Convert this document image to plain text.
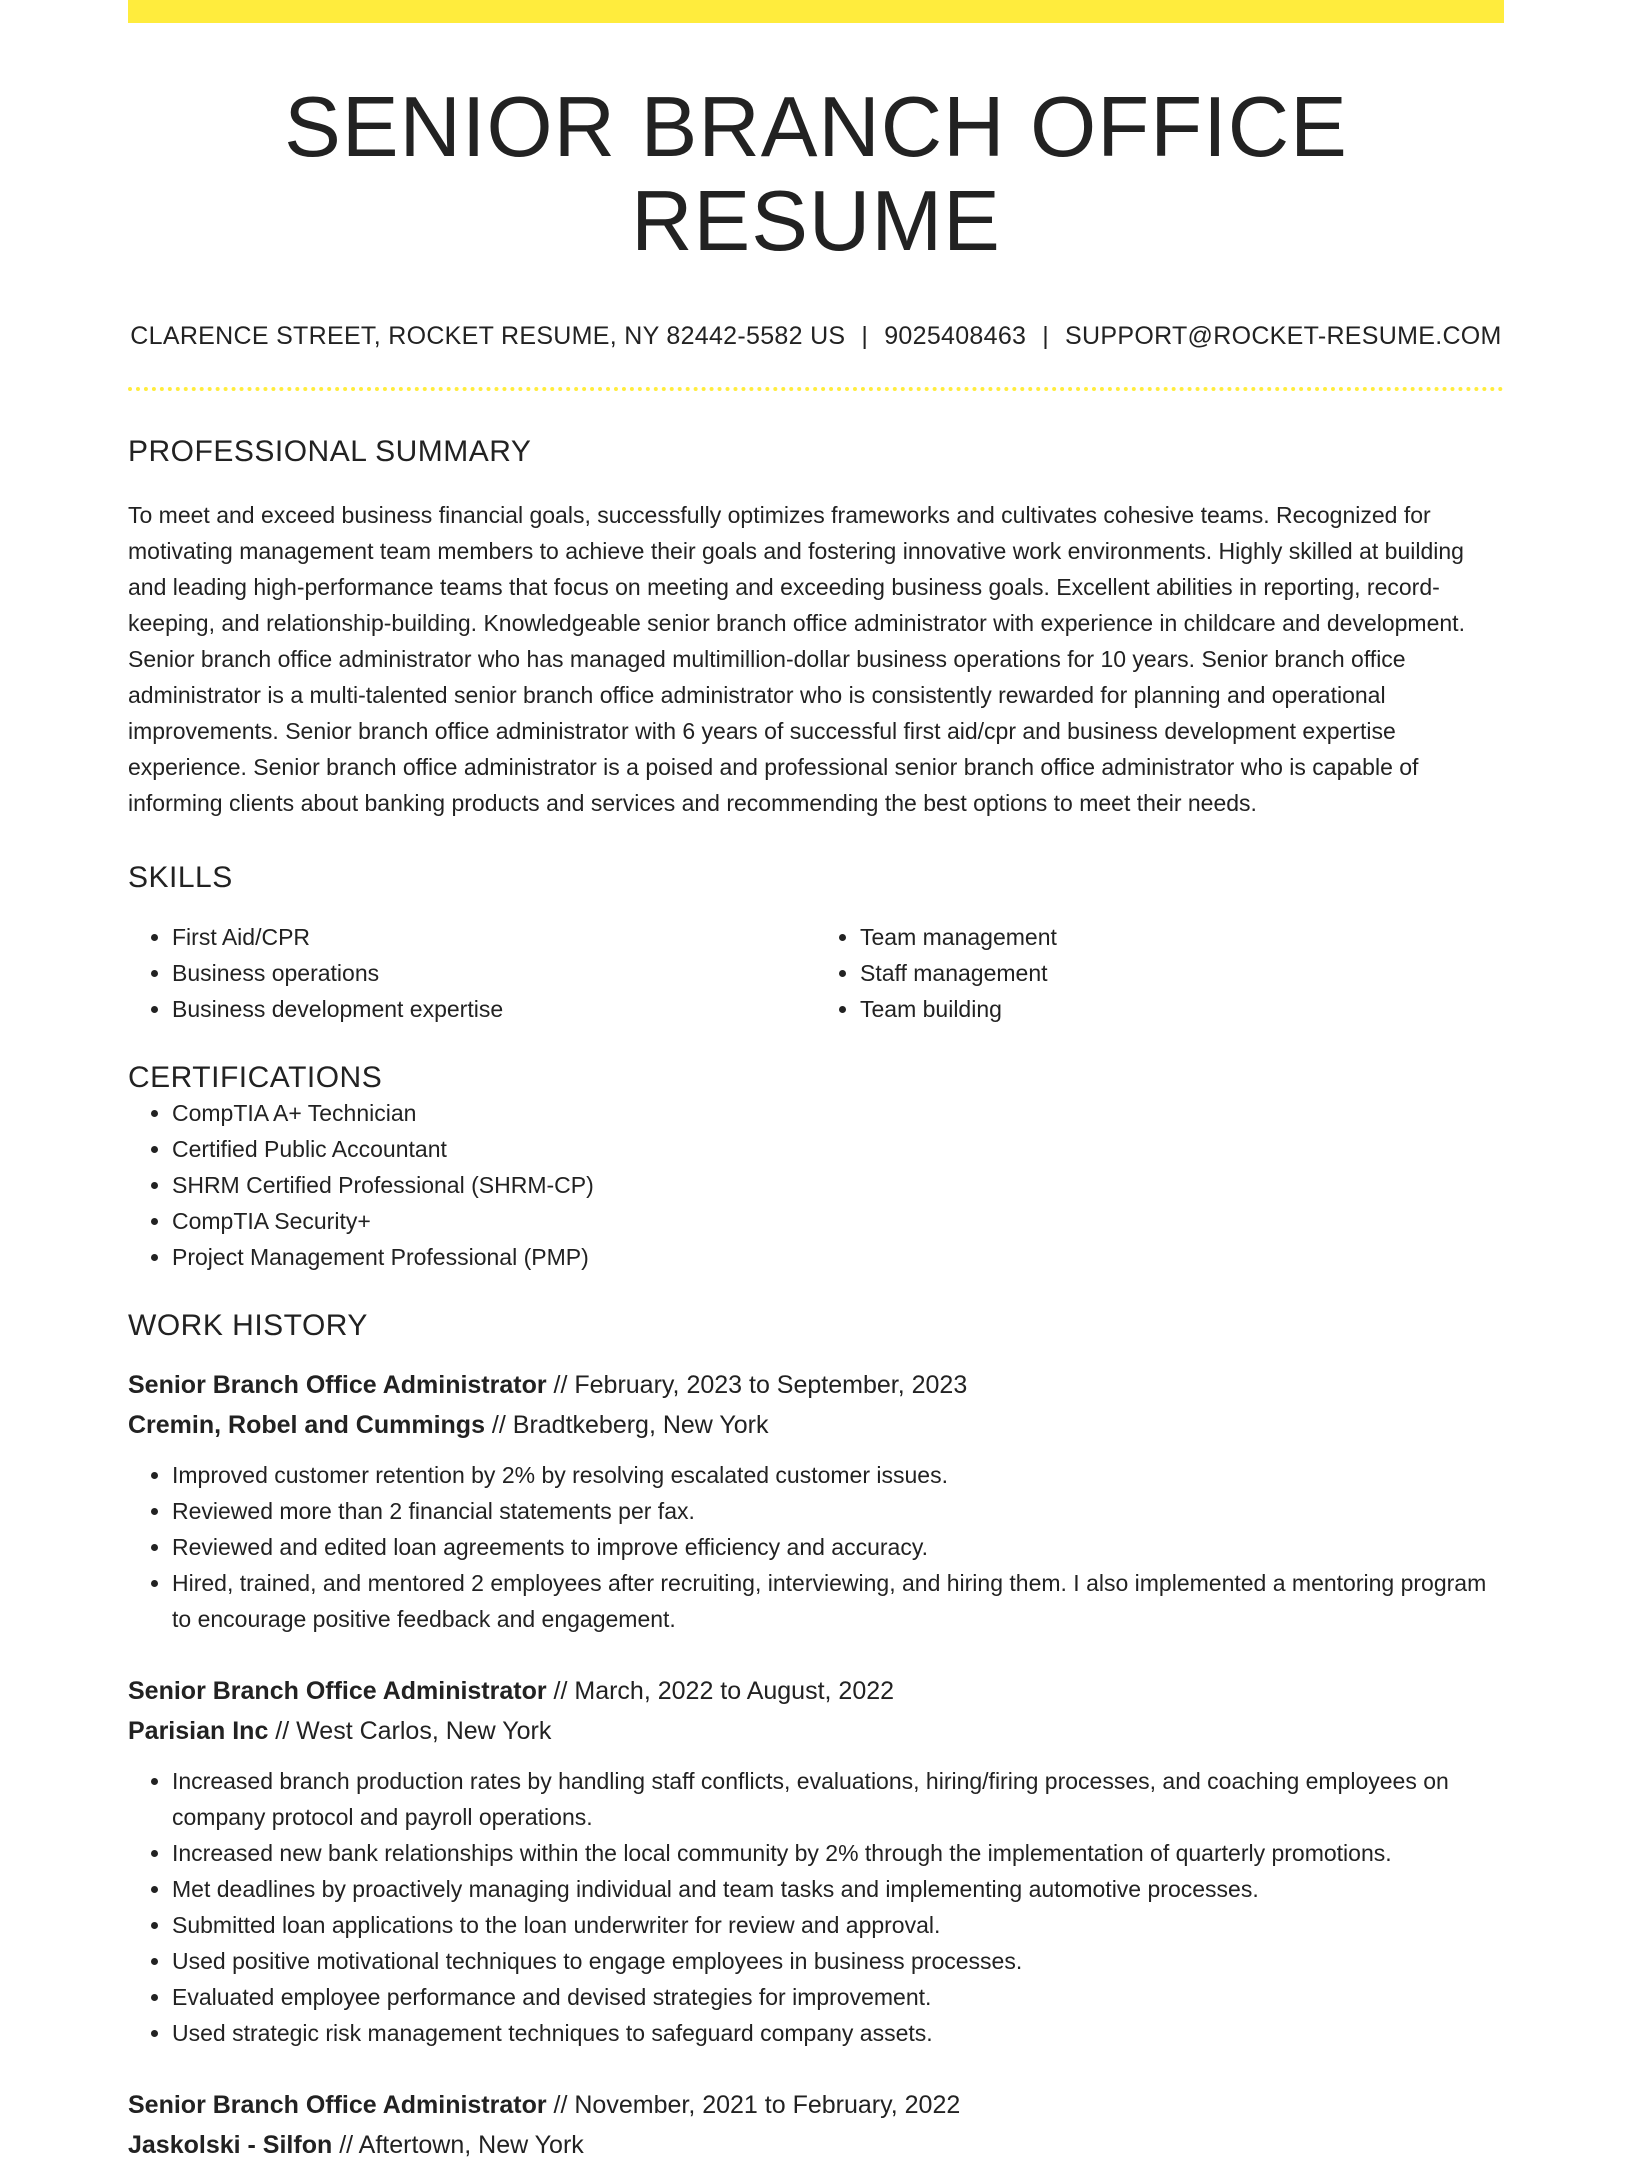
SENIOR BRANCH OFFICE RESUME
CLARENCE STREET, ROCKET RESUME, NY 82442-5582 US | 9025408463 | SUPPORT@ROCKET-RESUME.COM
PROFESSIONAL SUMMARY

To meet and exceed business financial goals, successfully optimizes frameworks and cultivates cohesive teams. Recognized for motivating management team members to achieve their goals and fostering innovative work environments. Highly skilled at building and leading high-performance teams that focus on meeting and exceeding business goals. Excellent abilities in reporting, record-keeping, and relationship-building. Knowledgeable senior branch office administrator with experience in childcare and development. Senior branch office administrator who has managed multimillion-dollar business operations for 10 years. Senior branch office administrator is a multi-talented senior branch office administrator who is consistently rewarded for planning and operational improvements. Senior branch office administrator with 6 years of successful first aid/cpr and business development expertise experience. Senior branch office administrator is a poised and professional senior branch office administrator who is capable of informing clients about banking products and services and recommending the best options to meet their needs.

SKILLS
• First Aid/CPR
• Business operations
• Business development expertise
• Team management
• Staff management
• Team building
CERTIFICATIONS
• CompTIA A+ Technician
• Certified Public Accountant
• SHRM Certified Professional (SHRM-CP)
• CompTIA Security+
• Project Management Professional (PMP)
WORK HISTORY
Senior Branch Office Administrator // February, 2023 to September, 2023
Cremin, Robel and Cummings // Bradtkeberg, New York
• Improved customer retention by 2% by resolving escalated customer issues.
• Reviewed more than 2 financial statements per fax.
• Reviewed and edited loan agreements to improve efficiency and accuracy.
• Hired, trained, and mentored 2 employees after recruiting, interviewing, and hiring them. I also implemented a mentoring program to encourage positive feedback and engagement.
Senior Branch Office Administrator // March, 2022 to August, 2022
Parisian Inc // West Carlos, New York
• Increased branch production rates by handling staff conflicts, evaluations, hiring/firing processes, and coaching employees on company protocol and payroll operations.
• Increased new bank relationships within the local community by 2% through the implementation of quarterly promotions.
• Met deadlines by proactively managing individual and team tasks and implementing automotive processes.
• Submitted loan applications to the loan underwriter for review and approval.
• Used positive motivational techniques to engage employees in business processes.
• Evaluated employee performance and devised strategies for improvement.
• Used strategic risk management techniques to safeguard company assets.
Senior Branch Office Administrator // November, 2021 to February, 2022
Jaskolski - Silfon // Aftertown, New York
